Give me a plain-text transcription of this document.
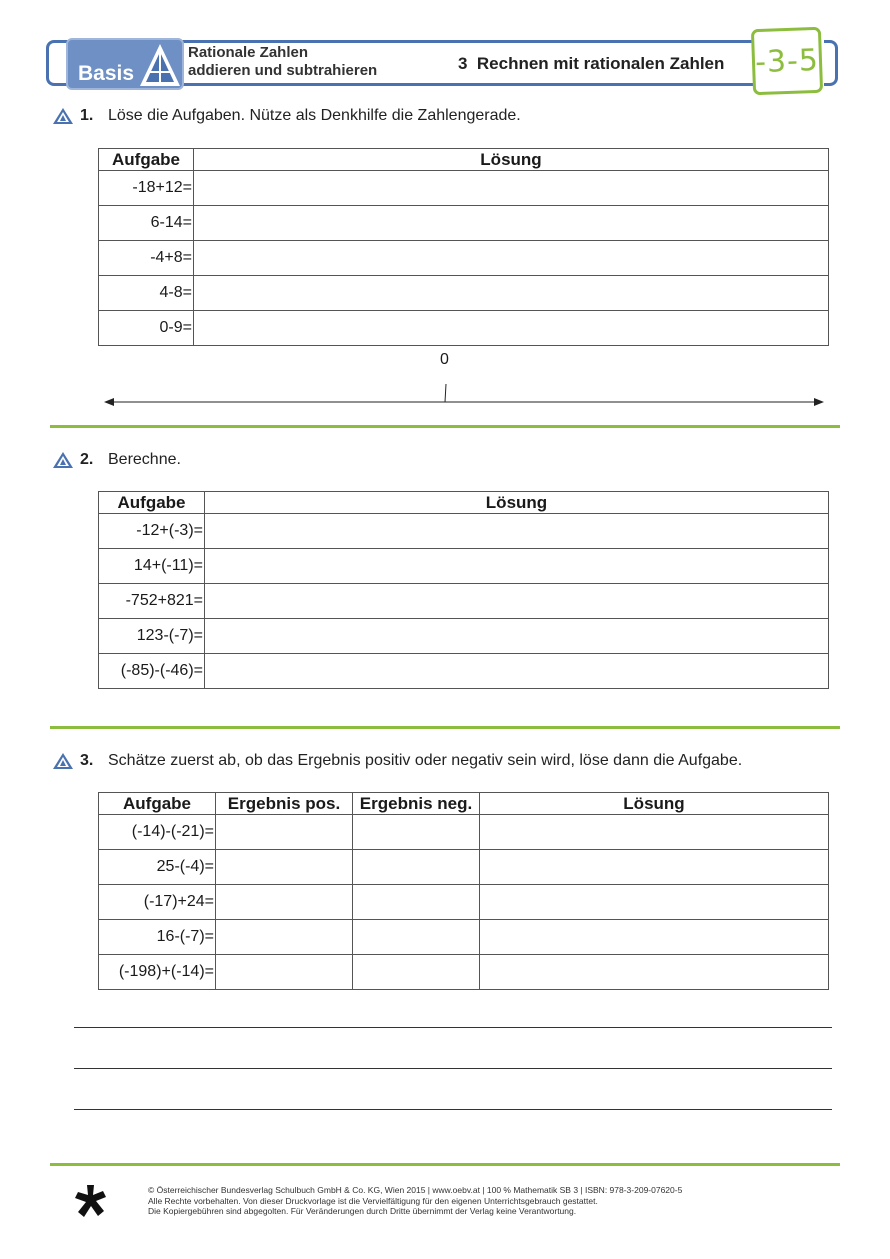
Basis
Rationale Zahlen
addieren und subtrahieren	3  Rechnen mit rationalen Zahlen -3-5
1. Löse die Aufgaben. Nütze als Denkhilfe die Zahlengerade.
Aufgabe	Lösung
-18+12=	
6-14=	
-4+8=	
4-8=	
0-9=	
0
2. Berechne.
Aufgabe	Lösung
-12+(-3)=	
14+(-11)=	
-752+821=	
123-(-7)=	
(-85)-(-46)=	
3. Schätze zuerst ab, ob das Ergebnis positiv oder negativ sein wird, löse dann die Aufgabe.
Aufgabe	Ergebnis pos.	Ergebnis neg.	Lösung
(-14)-(-21)=			
25-(-4)=			
(-17)+24=			
16-(-7)=			
(-198)+(-14)=			
© Österreichischer Bundesverlag Schulbuch GmbH & Co. KG, Wien 2015 | www.oebv.at | 100 % Mathematik SB 3 | ISBN: 978-3-209-07620-5
Alle Rechte vorbehalten. Von dieser Druckvorlage ist die Vervielfältigung für den eigenen Unterrichtsgebrauch gestattet.
Die Kopiergebühren sind abgegolten. Für Veränderungen durch Dritte übernimmt der Verlag keine Verantwortung.
